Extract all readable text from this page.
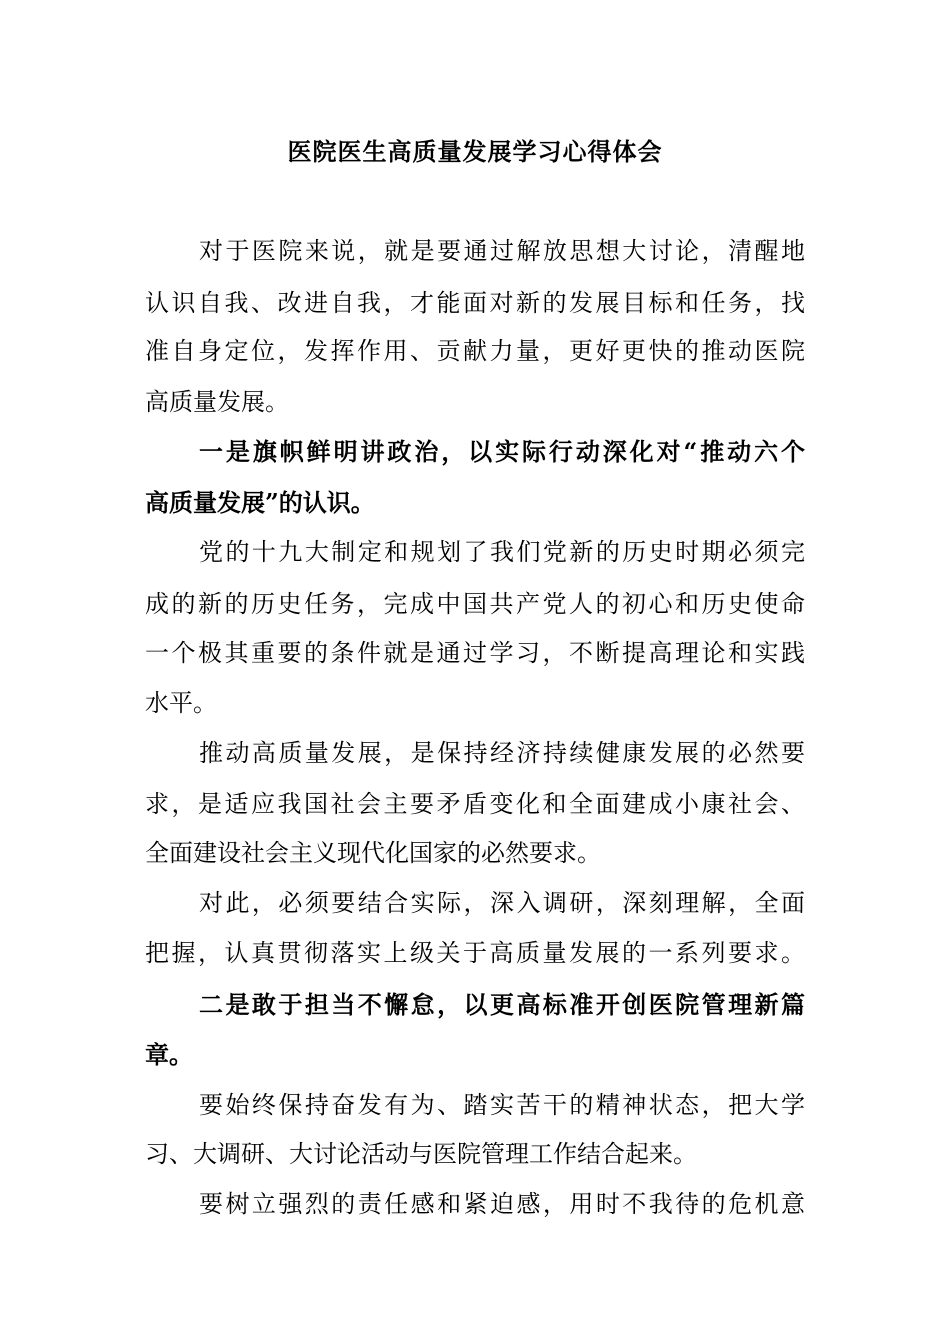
医院医生高质量发展学习心得体会

对于医院来说，就是要通过解放思想大讨论，清醒地

认识自我、改进自我，才能面对新的发展目标和任务，找

准自身定位，发挥作用、贡献力量，更好更快的推动医院

高质量发展。

一是旗帜鲜明讲政治，以实际行动深化对“推动六个

高质量发展”的认识。

党的十九大制定和规划了我们党新的历史时期必须完

成的新的历史任务，完成中国共产党人的初心和历史使命

一个极其重要的条件就是通过学习，不断提高理论和实践

水平。

推动高质量发展，是保持经济持续健康发展的必然要

求，是适应我国社会主要矛盾变化和全面建成小康社会、

全面建设社会主义现代化国家的必然要求。

对此，必须要结合实际，深入调研，深刻理解，全面

把握，认真贯彻落实上级关于高质量发展的一系列要求。

二是敢于担当不懈怠，以更高标准开创医院管理新篇

章。

要始终保持奋发有为、踏实苦干的精神状态，把大学

习、大调研、大讨论活动与医院管理工作结合起来。

要树立强烈的责任感和紧迫感，用时不我待的危机意
